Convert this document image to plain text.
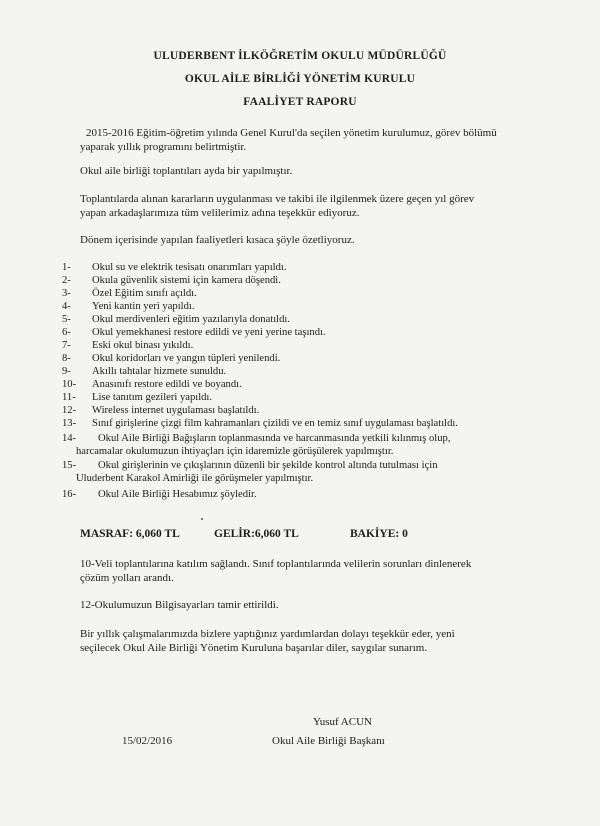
ULUDERBENT İLKÖĞRETİM OKULU MÜDÜRLÜĞÜ
OKUL AİLE BİRLİĞİ YÖNETİM KURULU
FAALİYET RAPORU
2015-2016 Eğitim-öğretim yılında Genel Kurul'da seçilen yönetim kurulumuz, görev bölümü
yaparak yıllık programını belirtmiştir.
Okul aile birliği toplantıları ayda bir yapılmıştır.
Toplantılarda alınan kararların uygulanması ve takibi ile ilgilenmek üzere geçen yıl görev
yapan arkadaşlarımıza tüm velilerimiz adına teşekkür ediyoruz.
Dönem içerisinde yapılan faaliyetleri kısaca şöyle özetliyoruz.
1- Okul su ve elektrik tesisatı onarımları yapıldı.
2- Okula güvenlik sistemi için kamera döşendi.
3- Özel Eğitim sınıfı açıldı.
4- Yeni kantin yeri yapıldı.
5- Okul merdivenleri eğitim yazılarıyla donatıldı.
6- Okul yemekhanesi restore edildi ve yeni yerine taşındı.
7- Eski okul binası yıkıldı.
8- Okul koridorları ve yangın tüpleri yenilendi.
9- Akıllı tahtalar hizmete sunuldu.
10- Anasınıfı restore edildi ve boyandı.
11- Lise tanıtım gezileri yapıldı.
12- Wireless internet uygulaması başlatıldı.
13- Sınıf girişlerine çizgi film kahramanları çizildi ve en temiz sınıf uygulaması başlatıldı.
14- Okul Aile Birliği Bağışların toplanmasında ve harcanmasında yetkili kılınmış olup,
harcamalar okulumuzun ihtiyaçları için idaremizle görüşülerek yapılmıştır.
15- Okul girişlerinin ve çıkışlarının düzenli bir şekilde kontrol altında tutulması için
Uluderbent Karakol Amirliği ile görüşmeler yapılmıştır.
16- Okul Aile Birliği Hesabımız şöyledir.
MASRAF: 6,060 TL	GELİR:6,060 TL	BAKİYE: 0
10-Veli toplantılarına katılım sağlandı. Sınıf toplantılarında velilerin sorunları dinlenerek
çözüm yolları arandı.
12-Okulumuzun Bilgisayarları tamir ettirildi.
Bir yıllık çalışmalarımızda bizlere yaptığınız yardımlardan dolayı teşekkür eder, yeni
seçilecek Okul Aile Birliği Yönetim Kuruluna başarılar diler, saygılar sunarım.
Yusuf ACUN
15/02/2016	Okul Aile Birliği Başkanı
